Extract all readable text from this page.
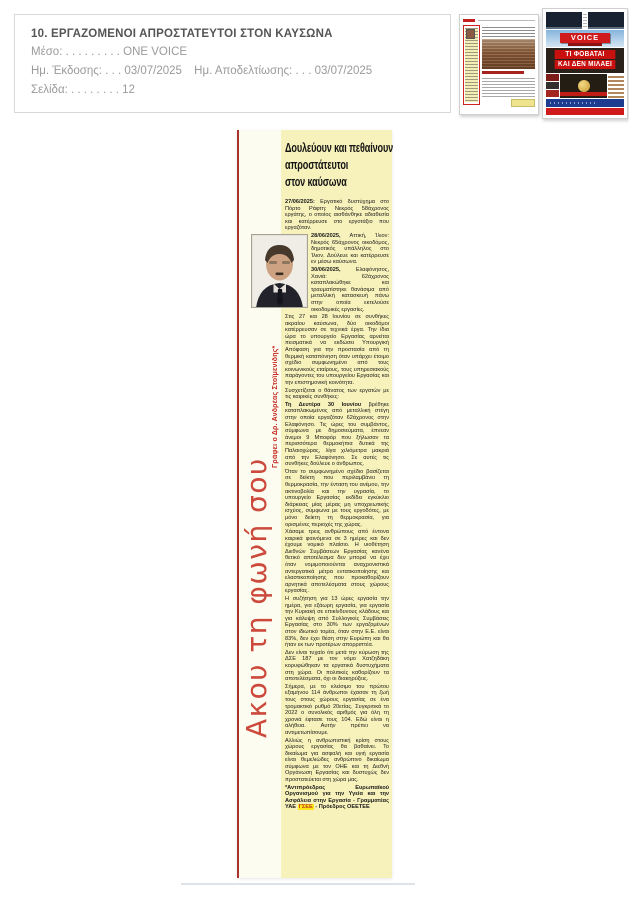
10. ΕΡΓΑΖΟΜΕΝΟΙ ΑΠΡΟΣΤΑΤΕΥΤΟΙ ΣΤΟΝ ΚΑΥΣΩΝΑ
Μέσο: . . . . . . . . . ONE VOICE
Ημ. Έκδοσης: . . . 03/07/2025 Ημ. Αποδελτίωσης: . . . 03/07/2025
Σελίδα: . . . . . . . . 12
VOICE
ΤΙ ΦΟΒΑΤΑΙ
ΚΑΙ ΔΕΝ ΜΙΛΑΕΙ
Γράφει ο Δρ. Ανδρέας Στοϊμενίδης*
Ακου τη φωνή σου
Δουλεύουν και πεθαίνουν
απροστάτευτοι
στον καύσωνα

27/06/2025: Εργατικό δυστύχημα στο Πόρτο Ράφτη: Νεκρός 58άχρονος εργάτης, ο οποίος αισθάνθηκε αδιαθεσία και κατέρρευσε στο εργοτάξιο που εργαζόταν.

28/06/2025, Αττική, Ίλιον: Νεκρός 65άχρονος οικοδόμος, δημοτικός υπάλληλος στο Ίλιον. Δούλευε και κατέρρευσε εν μέσω καύσωνα.

30/06/2025,	Ελαφόνησος, Χανιά: 62άχρονος καταπλακώθηκε και τραυματίστηκε θανάσιμα από μεταλλική κατασκευή πάνω στην οποία εκτελούσε οικοδομικές εργασίες.

Στις 27 και 28 Ιουνίου σε συνθήκες ακραίου καύσωνα, δύο οικοδόμοι κατέρρευσαν σε τεχνικά έργα. Την ίδια ώρα το υπουργείο Εργασίας αρνείται πεισματικά να εκδώσει Υπουργική Απόφαση για την προστασία από τη θερμική καταπόνηση όταν υπάρχει έτοιμο σχέδιο συμφωνημένο από τους κοινωνικούς εταίρους, τους υπηρεσιακούς παράγοντες του υπουργείου Εργασίας και την επιστημονική κοινότητα.

Συσχετίζεται ο θάνατος των εργατών με τις καιρικές συνθήκες:

Τη Δευτέρα 30 Ιουνίου βρέθηκε καταπλακωμένος από μεταλλική στέγη στην οποία εργαζόταν 62άχρονος στην Ελαφόνησο. Τις ώρες του συμβάντος, σύμφωνα με δημοσιεύματα, έπνεαν άνεμοι 9 Μποφόρ που ξήλωσαν τα περισσότερα θερμοκήπια δυτικά της Παλαιοχώρας, λίγα χιλιόμετρα μακριά από την Ελαφόνησο. Σε αυτές τις συνθήκες δούλευε ο άνθρωπος.

Όταν το συμφωνημένο σχέδιο βασίζεται σε δείκτη που περιλαμβάνει τη θερμοκρασία, την ένταση του ανέμου, την ακτινοβολία και την υγρασία, το υπουργείο Εργασίας εκδίδει εγκύκλιο διάρκειας μίας μέρας μη υποχρεωτικής ισχύος, σύμφωνα με τους εργοδότες, με μόνο δείκτη τη θερμοκρασία, για ορισμένες περιοχές της χώρας.

Χάσαμε τρεις ανθρώπους από έντονα καιρικά φαινόμενα σε 3 ημέρες και δεν έχουμε νομικό πλαίσιο. Η υιοθέτηση Διεθνών Συμβάσεων Εργασίας κανένα θετικό αποτέλεσμα δεν μπορεί να έχει όταν νομιμοποιούνται αναχρονιστικά αντεργατικά μέτρα εντατικοποίησης και ελαστικοποίησης που προκαθορίζουν αρνητικά αποτελέσματα στους χώρους εργασίας.

Η συζήτηση για 13 ώρες εργασία την ημέρα, για εξάωρη εργασία, για εργασία την Κυριακή σε επικίνδυνους κλάδους και για κάλυψη από Συλλογικές Συμβάσεις Εργασίας στο 30% των εργαζομένων στον ιδιωτικό τομέα, όταν στην Ε.Ε. είναι 83%, δεν έχει θέση στην Ευρώπη και θα ήταν εκ των προτέρων απορριπτέα.

Δεν είναι τυχαίο ότι μετά την κύρωση της ΔΣΕ 187 με τον νόμο Χατζηδάκη κορυφώθηκαν τα εργατικά δυστυχήματα στη χώρα. Οι πολιτικές καθορίζουν τα αποτελέσματα, όχι οι διακηρύξεις.

Σήμερα, με το κλείσιμο του πρώτου εξαμήνου 114 άνθρωποι έχασαν τη ζωή τους στους χώρους εργασίας σε ένα τρομακτικό ρυθμό 20ετίας. Συγκριτικά το 2022 ο συνολικός αριθμός για όλη τη χρονιά έφτασε τους 104. Εδώ είναι η αλήθεια. Αυτήν πρέπει να αντιμετωπίσουμε.

Αλλιώς η ανθρωπιστική κρίση στους χώρους εργασίας θα βαθαίνει. Το δικαίωμα για ασφαλή και υγιή εργασία είναι θεμελιώδες ανθρώπινο δικαίωμα σύμφωνα με τον ΟΗΕ και τη Διεθνή Οργάνωση Εργασίας και δυστυχώς δεν προστατεύεται στη χώρα μας.

*Αντιπρόεδρος Ευρωπαϊκού Οργανισμού για την Υγεία και την Ασφάλεια στην Εργασία - Γραμματέας ΥΑΕ ΓΣΕΕ - Πρόεδρος ΟΕΕΤΕΕ
